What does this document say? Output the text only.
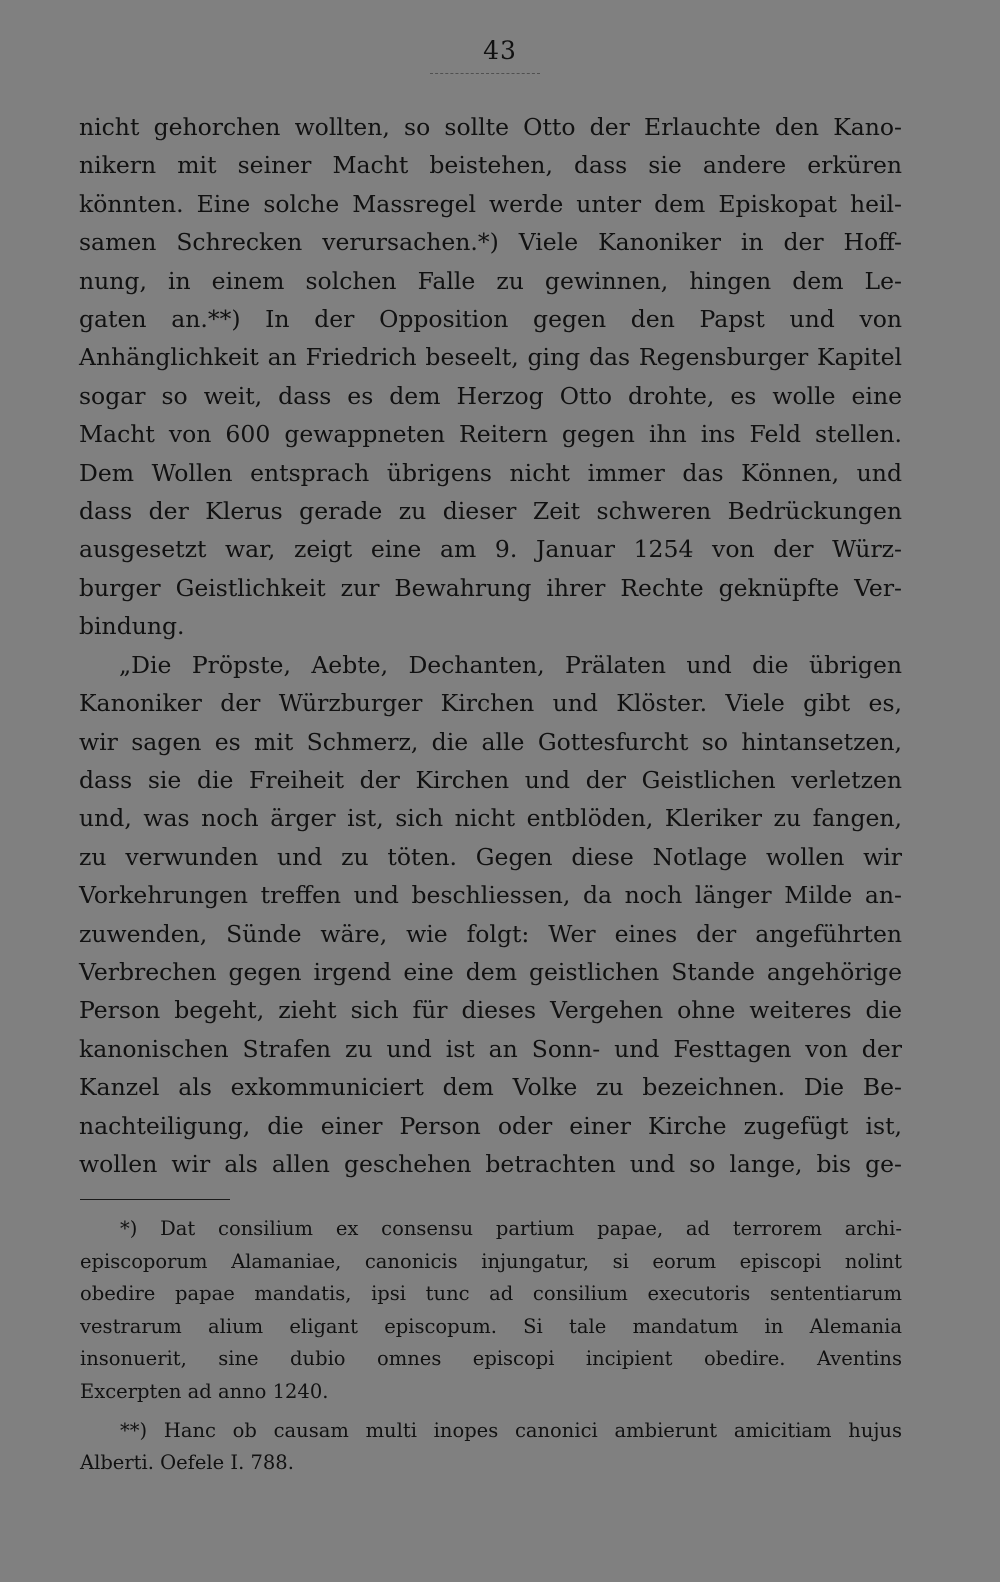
43
nicht gehorchen wollten, so sollte Otto der Erlauchte den Kano-
nikern mit seiner Macht beistehen, dass sie andere erküren
könnten. Eine solche Massregel werde unter dem Episkopat heil-
samen Schrecken verursachen.*) Viele Kanoniker in der Hoff-
nung, in einem solchen Falle zu gewinnen, hingen dem Le-
gaten an.**) In der Opposition gegen den Papst und von
Anhänglichkeit an Friedrich beseelt, ging das Regensburger Kapitel
sogar so weit, dass es dem Herzog Otto drohte, es wolle eine
Macht von 600 gewappneten Reitern gegen ihn ins Feld stellen.
Dem Wollen entsprach übrigens nicht immer das Können, und
dass der Klerus gerade zu dieser Zeit schweren Bedrückungen
ausgesetzt war, zeigt eine am 9. Januar 1254 von der Würz-
burger Geistlichkeit zur Bewahrung ihrer Rechte geknüpfte Ver-
bindung.
„Die Pröpste, Aebte, Dechanten, Prälaten und die übrigen
Kanoniker der Würzburger Kirchen und Klöster. Viele gibt es,
wir sagen es mit Schmerz, die alle Gottesfurcht so hintansetzen,
dass sie die Freiheit der Kirchen und der Geistlichen verletzen
und, was noch ärger ist, sich nicht entblöden, Kleriker zu fangen,
zu verwunden und zu töten. Gegen diese Notlage wollen wir
Vorkehrungen treffen und beschliessen, da noch länger Milde an-
zuwenden, Sünde wäre, wie folgt: Wer eines der angeführten
Verbrechen gegen irgend eine dem geistlichen Stande angehörige
Person begeht, zieht sich für dieses Vergehen ohne weiteres die
kanonischen Strafen zu und ist an Sonn- und Festtagen von der
Kanzel als exkommuniciert dem Volke zu bezeichnen. Die Be-
nachteiligung, die einer Person oder einer Kirche zugefügt ist,
wollen wir als allen geschehen betrachten und so lange, bis ge-
*) Dat consilium ex consensu partium papae, ad terrorem archi-
episcoporum Alamaniae, canonicis injungatur, si eorum episcopi nolint
obedire papae mandatis, ipsi tunc ad consilium executoris sententiarum
vestrarum alium eligant episcopum. Si tale mandatum in Alemania
insonuerit, sine dubio omnes episcopi incipient obedire. Aventins
Excerpten ad anno 1240.
**) Hanc ob causam multi inopes canonici ambierunt amicitiam hujus
Alberti. Oefele I. 788.
